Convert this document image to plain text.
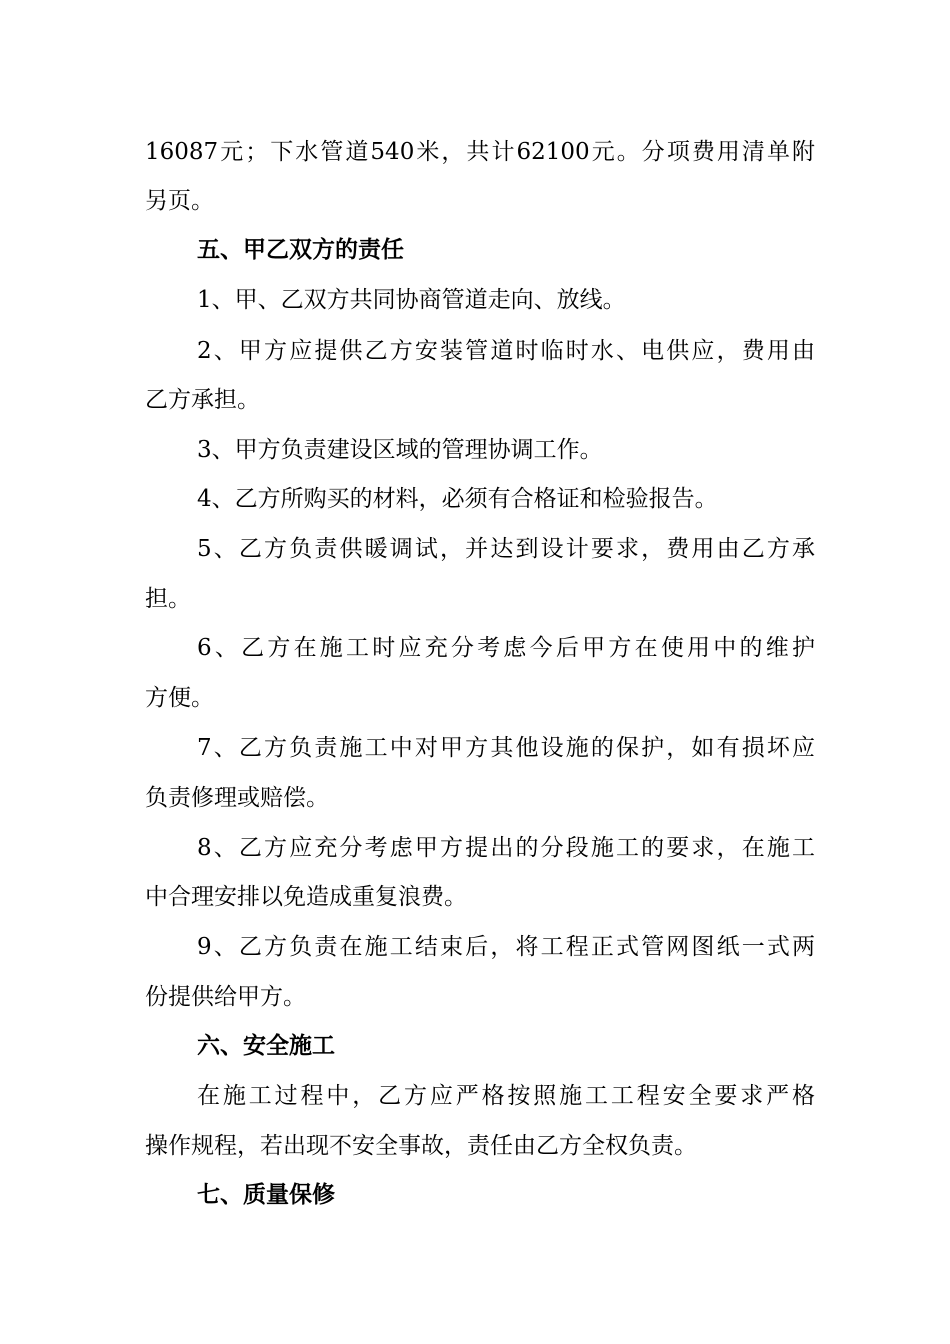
16087元；下水管道540米，共计62100元。分项费用清单附
另页。
五、甲乙双方的责任
1、甲、乙双方共同协商管道走向、放线。
2、甲方应提供乙方安装管道时临时水、电供应，费用由
乙方承担。
3、甲方负责建设区域的管理协调工作。
4、乙方所购买的材料，必须有合格证和检验报告。
5、乙方负责供暖调试，并达到设计要求，费用由乙方承
担。
6、乙方在施工时应充分考虑今后甲方在使用中的维护
方便。
7、乙方负责施工中对甲方其他设施的保护，如有损坏应
负责修理或赔偿。
8、乙方应充分考虑甲方提出的分段施工的要求，在施工
中合理安排以免造成重复浪费。
9、乙方负责在施工结束后，将工程正式管网图纸一式两
份提供给甲方。
六、安全施工
在施工过程中，乙方应严格按照施工工程安全要求严格
操作规程，若出现不安全事故，责任由乙方全权负责。
七、质量保修
